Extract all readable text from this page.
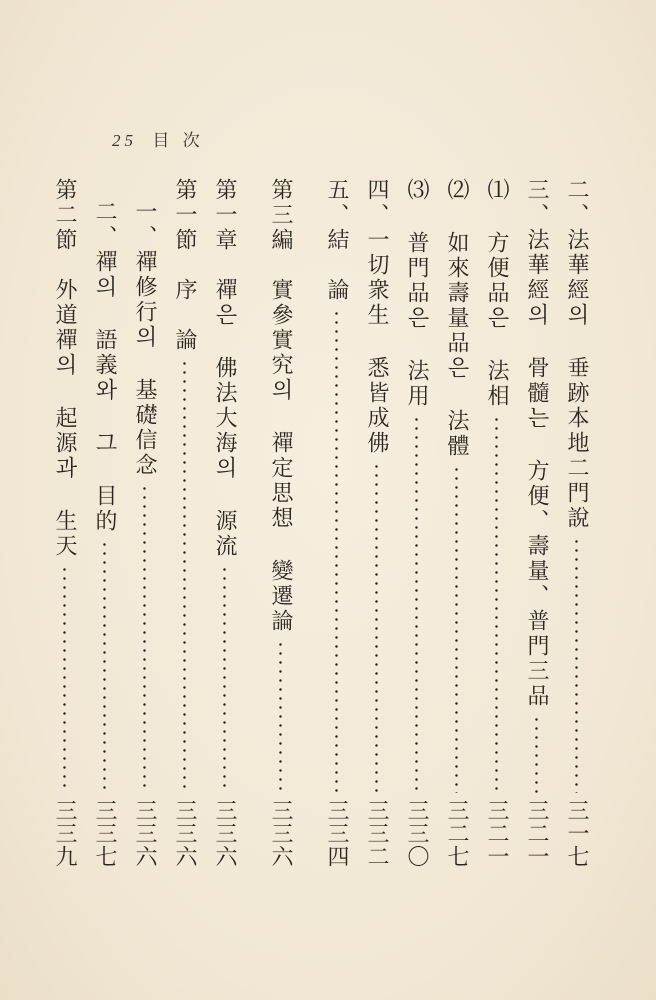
25 目 次
二、法華經의 垂跡本地二門說
三一七
三、法華經의 骨髓는 方便、壽量、普門三品
三二一
⑴ 方便品은 法相
三二一
⑵ 如來壽量品은 法體
三二七
⑶ 普門品은 法用
三三〇
四、一切衆生 悉皆成佛
三三二
五、結　論
三三四
第三編　實參實究의 禪定思想 變遷論
三三六
第一章　禪은 佛法大海의 源流
三三六
第一節　序　論
三三六
一、禪修行의 基礎信念
三三六
二、禪의 語義와 그 目的
三三七
第二節　外道禪의 起源과 生天
三三九
